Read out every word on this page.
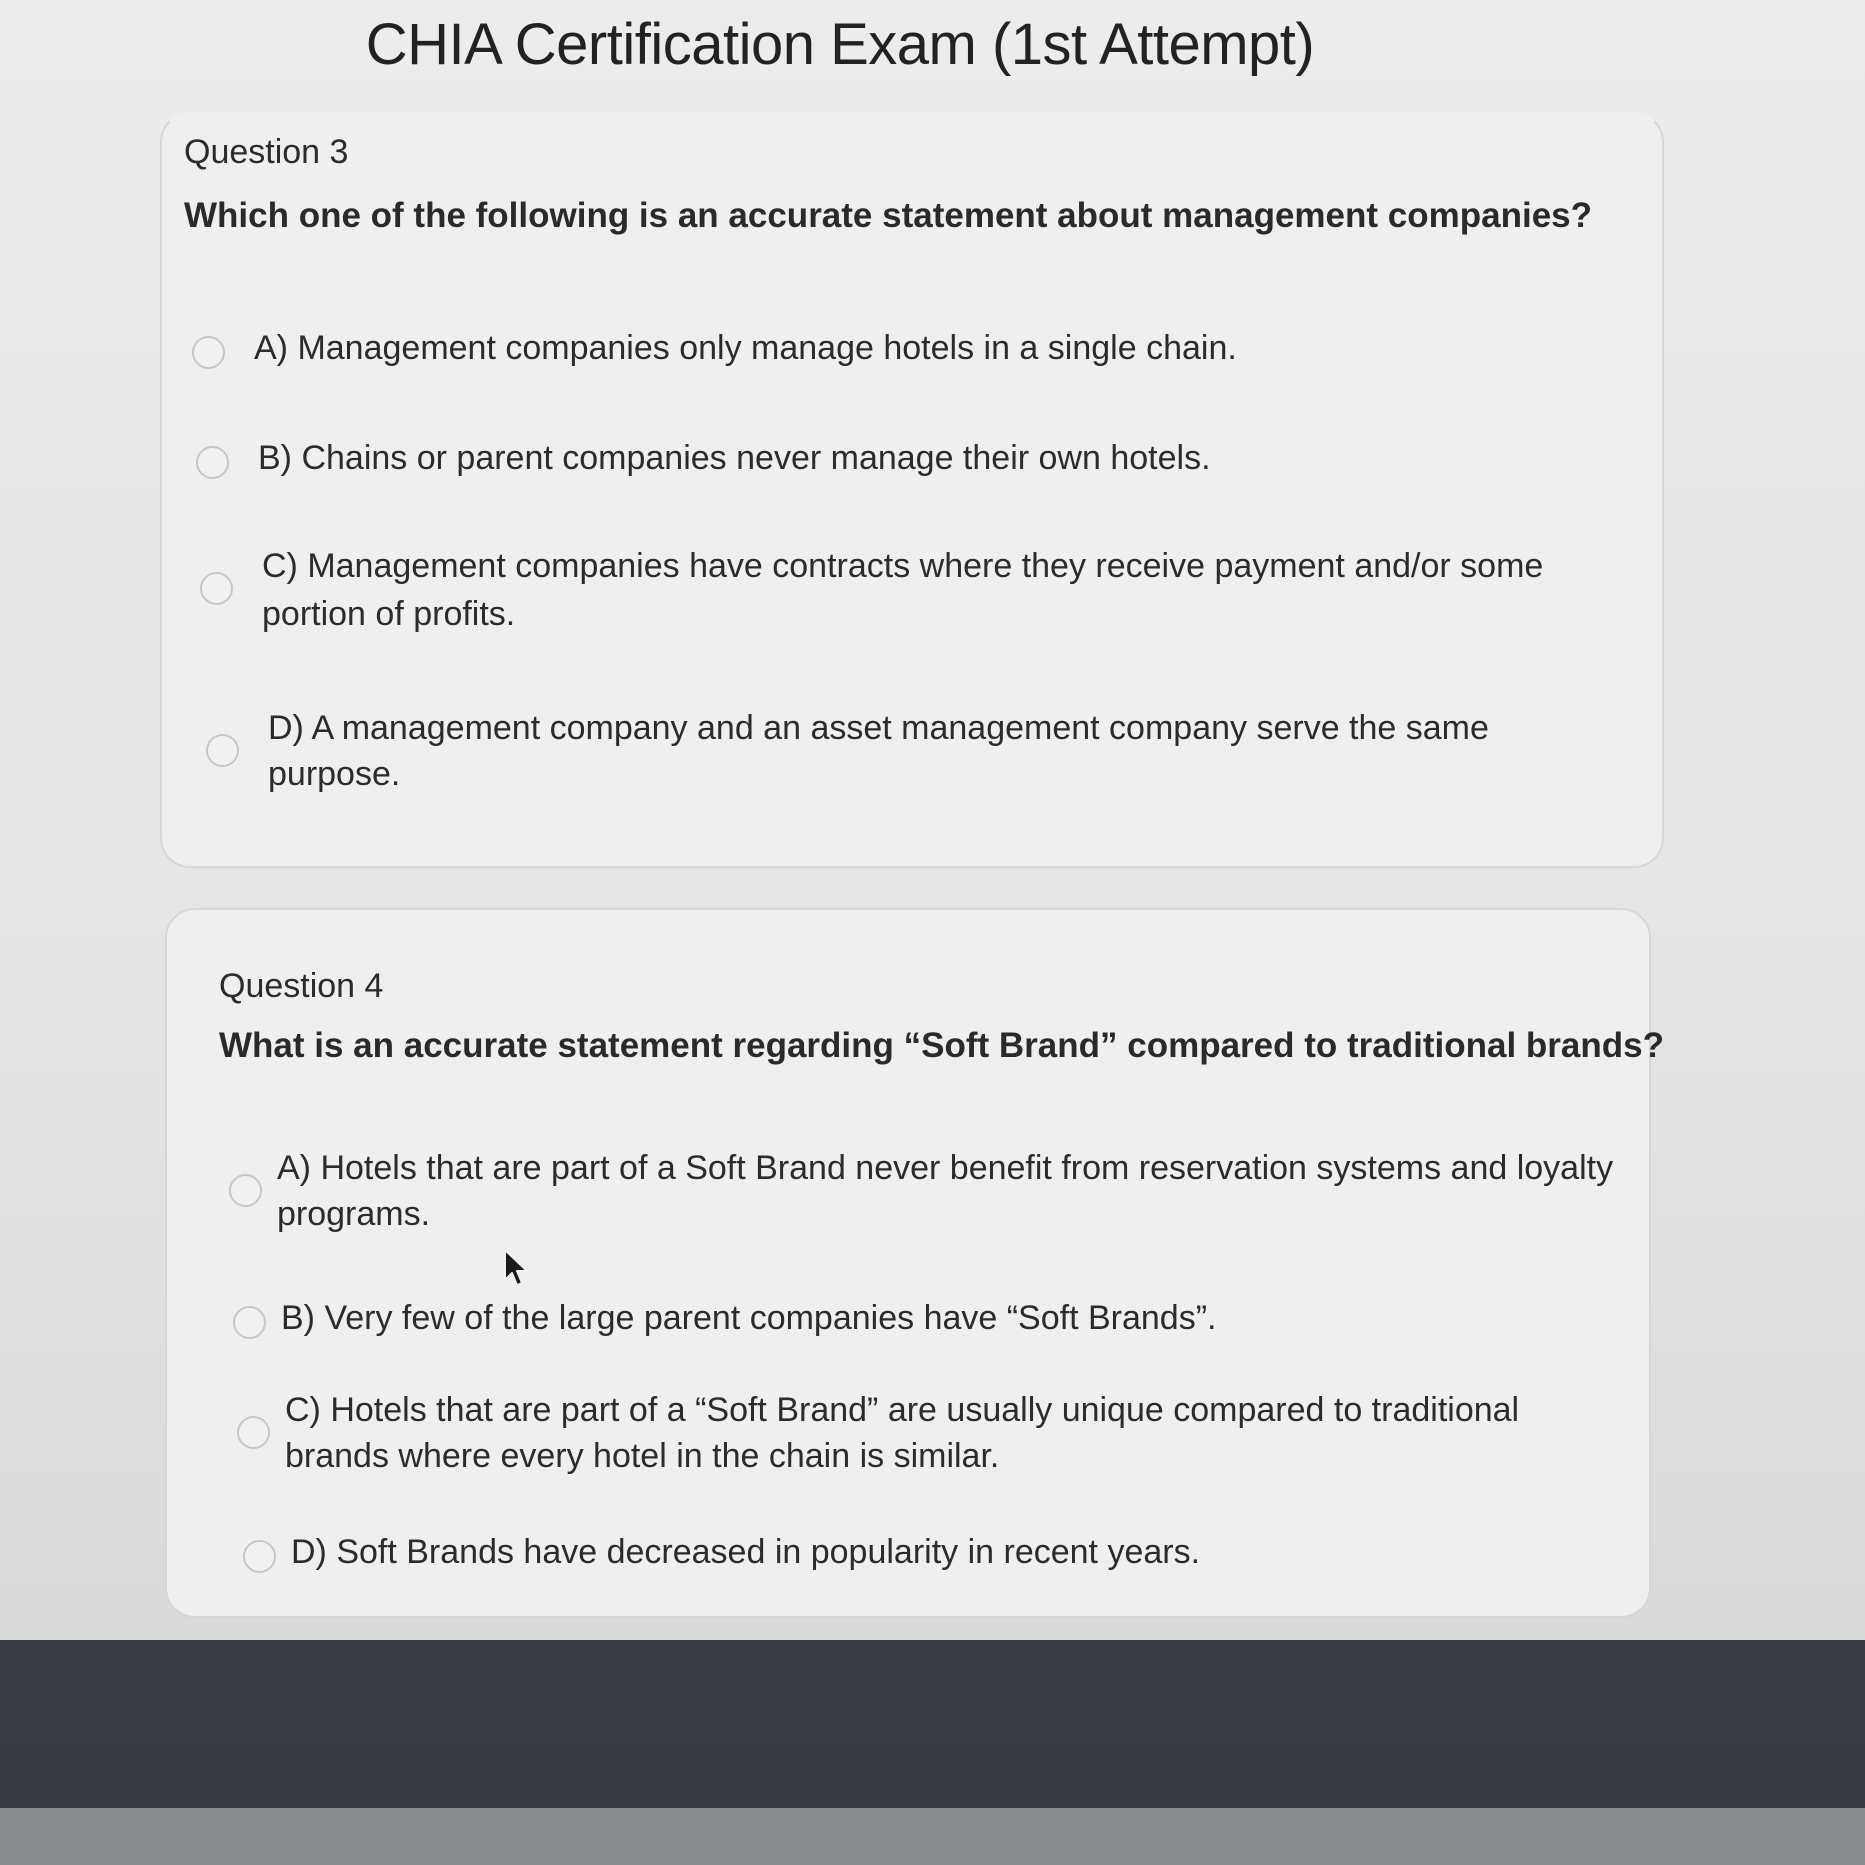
CHIA Certification Exam (1st Attempt)
Question 3
Which one of the following is an accurate statement about management companies?
A) Management companies only manage hotels in a single chain.
B) Chains or parent companies never manage their own hotels.
C) Management companies have contracts where they receive payment and/or some
portion of profits.
D) A management company and an asset management company serve the same
purpose.
Question 4
What is an accurate statement regarding “Soft Brand” compared to traditional brands?
A) Hotels that are part of a Soft Brand never benefit from reservation systems and loyalty
programs.
B) Very few of the large parent companies have “Soft Brands”.
C) Hotels that are part of a “Soft Brand” are usually unique compared to traditional
brands where every hotel in the chain is similar.
D) Soft Brands have decreased in popularity in recent years.
